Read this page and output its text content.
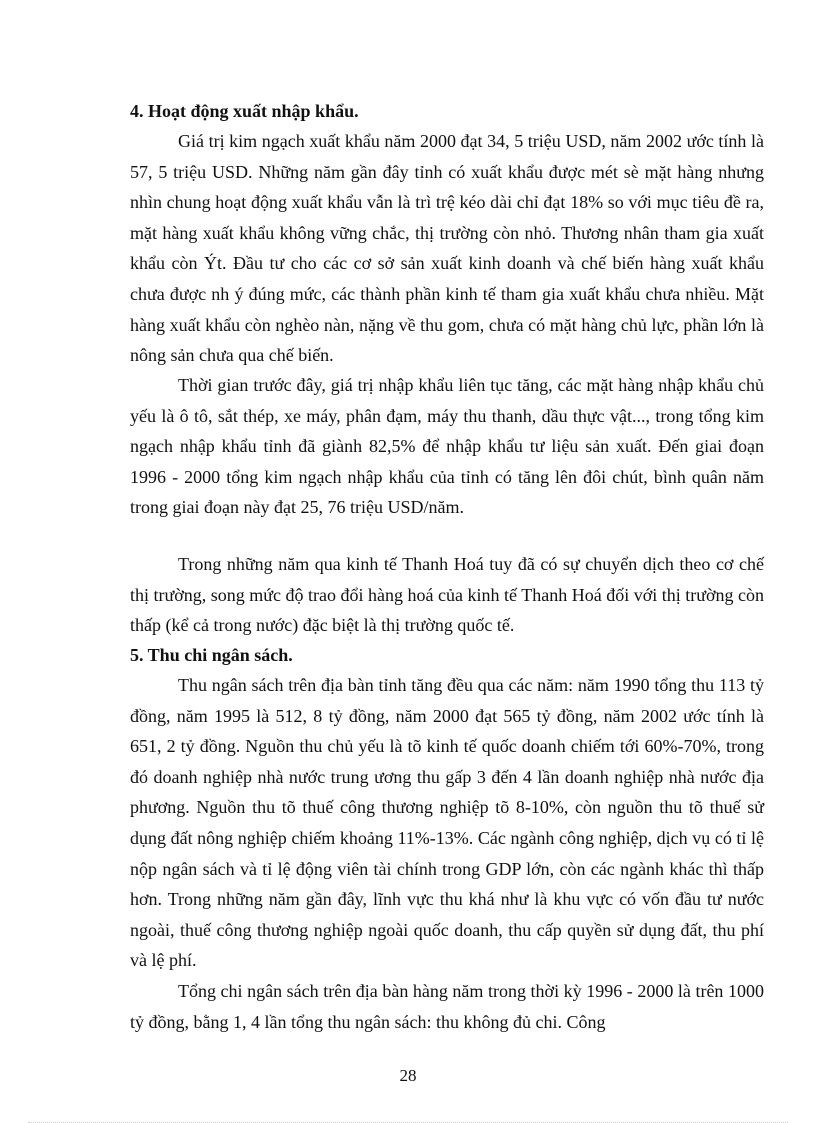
4. Hoạt động xuất nhập khẩu.

Giá trị kim ngạch xuất khẩu năm 2000 đạt 34, 5 triệu USD, năm 2002 ước tính là 57, 5 triệu USD. Những năm gần đây tỉnh có xuất khẩu được mét sè mặt hàng nhưng nhìn chung hoạt động xuất khẩu vẫn là trì trệ kéo dài chỉ đạt 18% so với mục tiêu đề ra, mặt hàng xuất khẩu không vững chắc, thị trường còn nhỏ. Thương nhân tham gia xuất khẩu còn Ýt. Đầu tư cho các cơ sở sản xuất kinh doanh và chế biến hàng xuất khẩu chưa được nh ý đúng mức, các thành phần kinh tế tham gia xuất khẩu chưa nhiều. Mặt hàng xuất khẩu còn nghèo nàn, nặng về thu gom, chưa có mặt hàng chủ lực, phần lớn là nông sản chưa qua chế biến.

Thời gian trước đây, giá trị nhập khẩu liên tục tăng, các mặt hàng nhập khẩu chủ yếu là ô tô, sắt thép, xe máy, phân đạm, máy thu thanh, dầu thực vật..., trong tổng kim ngạch nhập khẩu tỉnh đã giành 82,5% để nhập khẩu tư liệu sản xuất. Đến giai đoạn 1996 - 2000 tổng kim ngạch nhập khẩu của tỉnh có tăng lên đôi chút, bình quân năm trong giai đoạn này đạt 25, 76 triệu USD/năm.

Trong những năm qua kinh tế Thanh Hoá tuy đã có sự chuyển dịch theo cơ chế thị trường, song mức độ trao đổi hàng hoá của kinh tế Thanh Hoá đối với thị trường còn thấp (kể cả trong nước) đặc biệt là thị trường quốc tế.

5. Thu chi ngân sách.

Thu ngân sách trên địa bàn tỉnh tăng đều qua các năm: năm 1990 tổng thu 113 tỷ đồng, năm 1995 là 512, 8 tỷ đồng, năm 2000 đạt 565 tỷ đồng, năm 2002 ước tính là 651, 2 tỷ đồng. Nguồn thu chủ yếu là tõ kinh tế quốc doanh chiếm tới 60%-70%, trong đó doanh nghiệp nhà nước trung ương thu gấp 3 đến 4 lần doanh nghiệp nhà nước địa phương. Nguồn thu tõ thuế công thương nghiệp tõ 8-10%, còn nguồn thu tõ thuế sử dụng đất nông nghiệp chiếm khoảng 11%-13%. Các ngành công nghiệp, dịch vụ có tỉ lệ nộp ngân sách và tỉ lệ động viên tài chính trong GDP lớn, còn các ngành khác thì thấp hơn. Trong những năm gần đây, lĩnh vực thu khá như là khu vực có vốn đầu tư nước ngoài, thuế công thương nghiệp ngoài quốc doanh, thu cấp quyền sử dụng đất, thu phí và lệ phí.

Tổng chi ngân sách trên địa bàn hàng năm trong thời kỳ 1996 - 2000 là trên 1000 tỷ đồng, bằng 1, 4 lần tổng thu ngân sách: thu không đủ chi. Công

28
